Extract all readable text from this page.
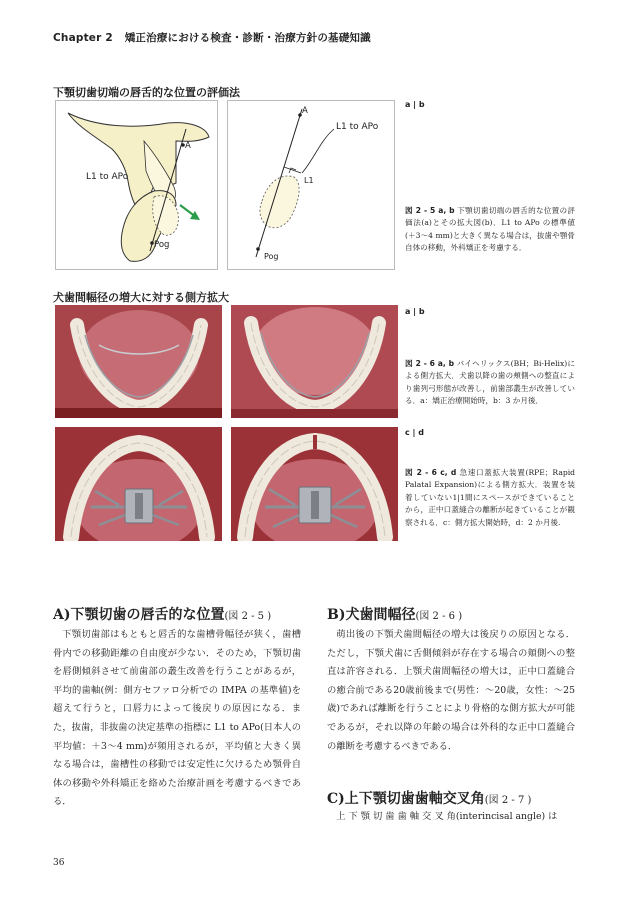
Chapter 2 矯正治療における検査・診断・治療方針の基礎知識
下顎切歯切端の唇舌的な位置の評価法
A
L1 to APo
Pog
A
L1 to APo
L1
Pog
a | b
図 2 - 5 a, b 下顎切歯切端の唇舌的な位置の評価法(a)とその拡大図(b)．L1 to APo の標準値(＋3〜4 mm)と大きく異なる場合は，抜歯や顎骨自体の移動，外科矯正を考慮する．
犬歯間幅径の増大に対する側方拡大
a | b
図 2 - 6 a, b バイヘリックス(BH；Bi-Helix)による側方拡大．犬歯以降の歯の頬側への整直により歯列弓形態が改善し，前歯部叢生が改善している．a：矯正治療開始時，b：3 か月後．
c | d
図 2 - 6 c, d 急速口蓋拡大装置(RPE；Rapid Palatal Expansion)による側方拡大．装置を装着していない1|1間にスペースができていることから，正中口蓋縫合の離断が起きていることが観察される．c：側方拡大開始時，d：2 か月後.
A)下顎切歯の唇舌的な位置(図 2 - 5 )
下顎切歯部はもともと唇舌的な歯槽骨幅径が狭く，歯槽骨内での移動距離の自由度が少ない．そのため，下顎切歯を唇側傾斜させて前歯部の叢生改善を行うことがあるが，平均的歯軸(例：側方セファロ分析での IMPA の基準値)を超えて行うと，口唇力によって後戻りの原因になる．また，抜歯，非抜歯の決定基準の指標に L1 to APo(日本人の平均値：＋3〜4 mm)が頻用されるが，平均値と大きく異なる場合は，歯槽性の移動では安定性に欠けるため顎骨自体の移動や外科矯正を絡めた治療計画を考慮するべきである．
B)犬歯間幅径(図 2 - 6 )
萌出後の下顎犬歯間幅径の増大は後戻りの原因となる．ただし，下顎犬歯に舌側傾斜が存在する場合の頬側への整直は許容される．上顎犬歯間幅径の増大は，正中口蓋縫合の癒合前である20歳前後まで(男性：〜20歳，女性：〜25歳)であれば離断を行うことにより骨格的な側方拡大が可能であるが，それ以降の年齢の場合は外科的な正中口蓋縫合の離断を考慮するべきである．
C)上下顎切歯歯軸交叉角(図 2 - 7 )
上 下 顎 切 歯 歯 軸 交 叉 角(interincisal angle) は
36
